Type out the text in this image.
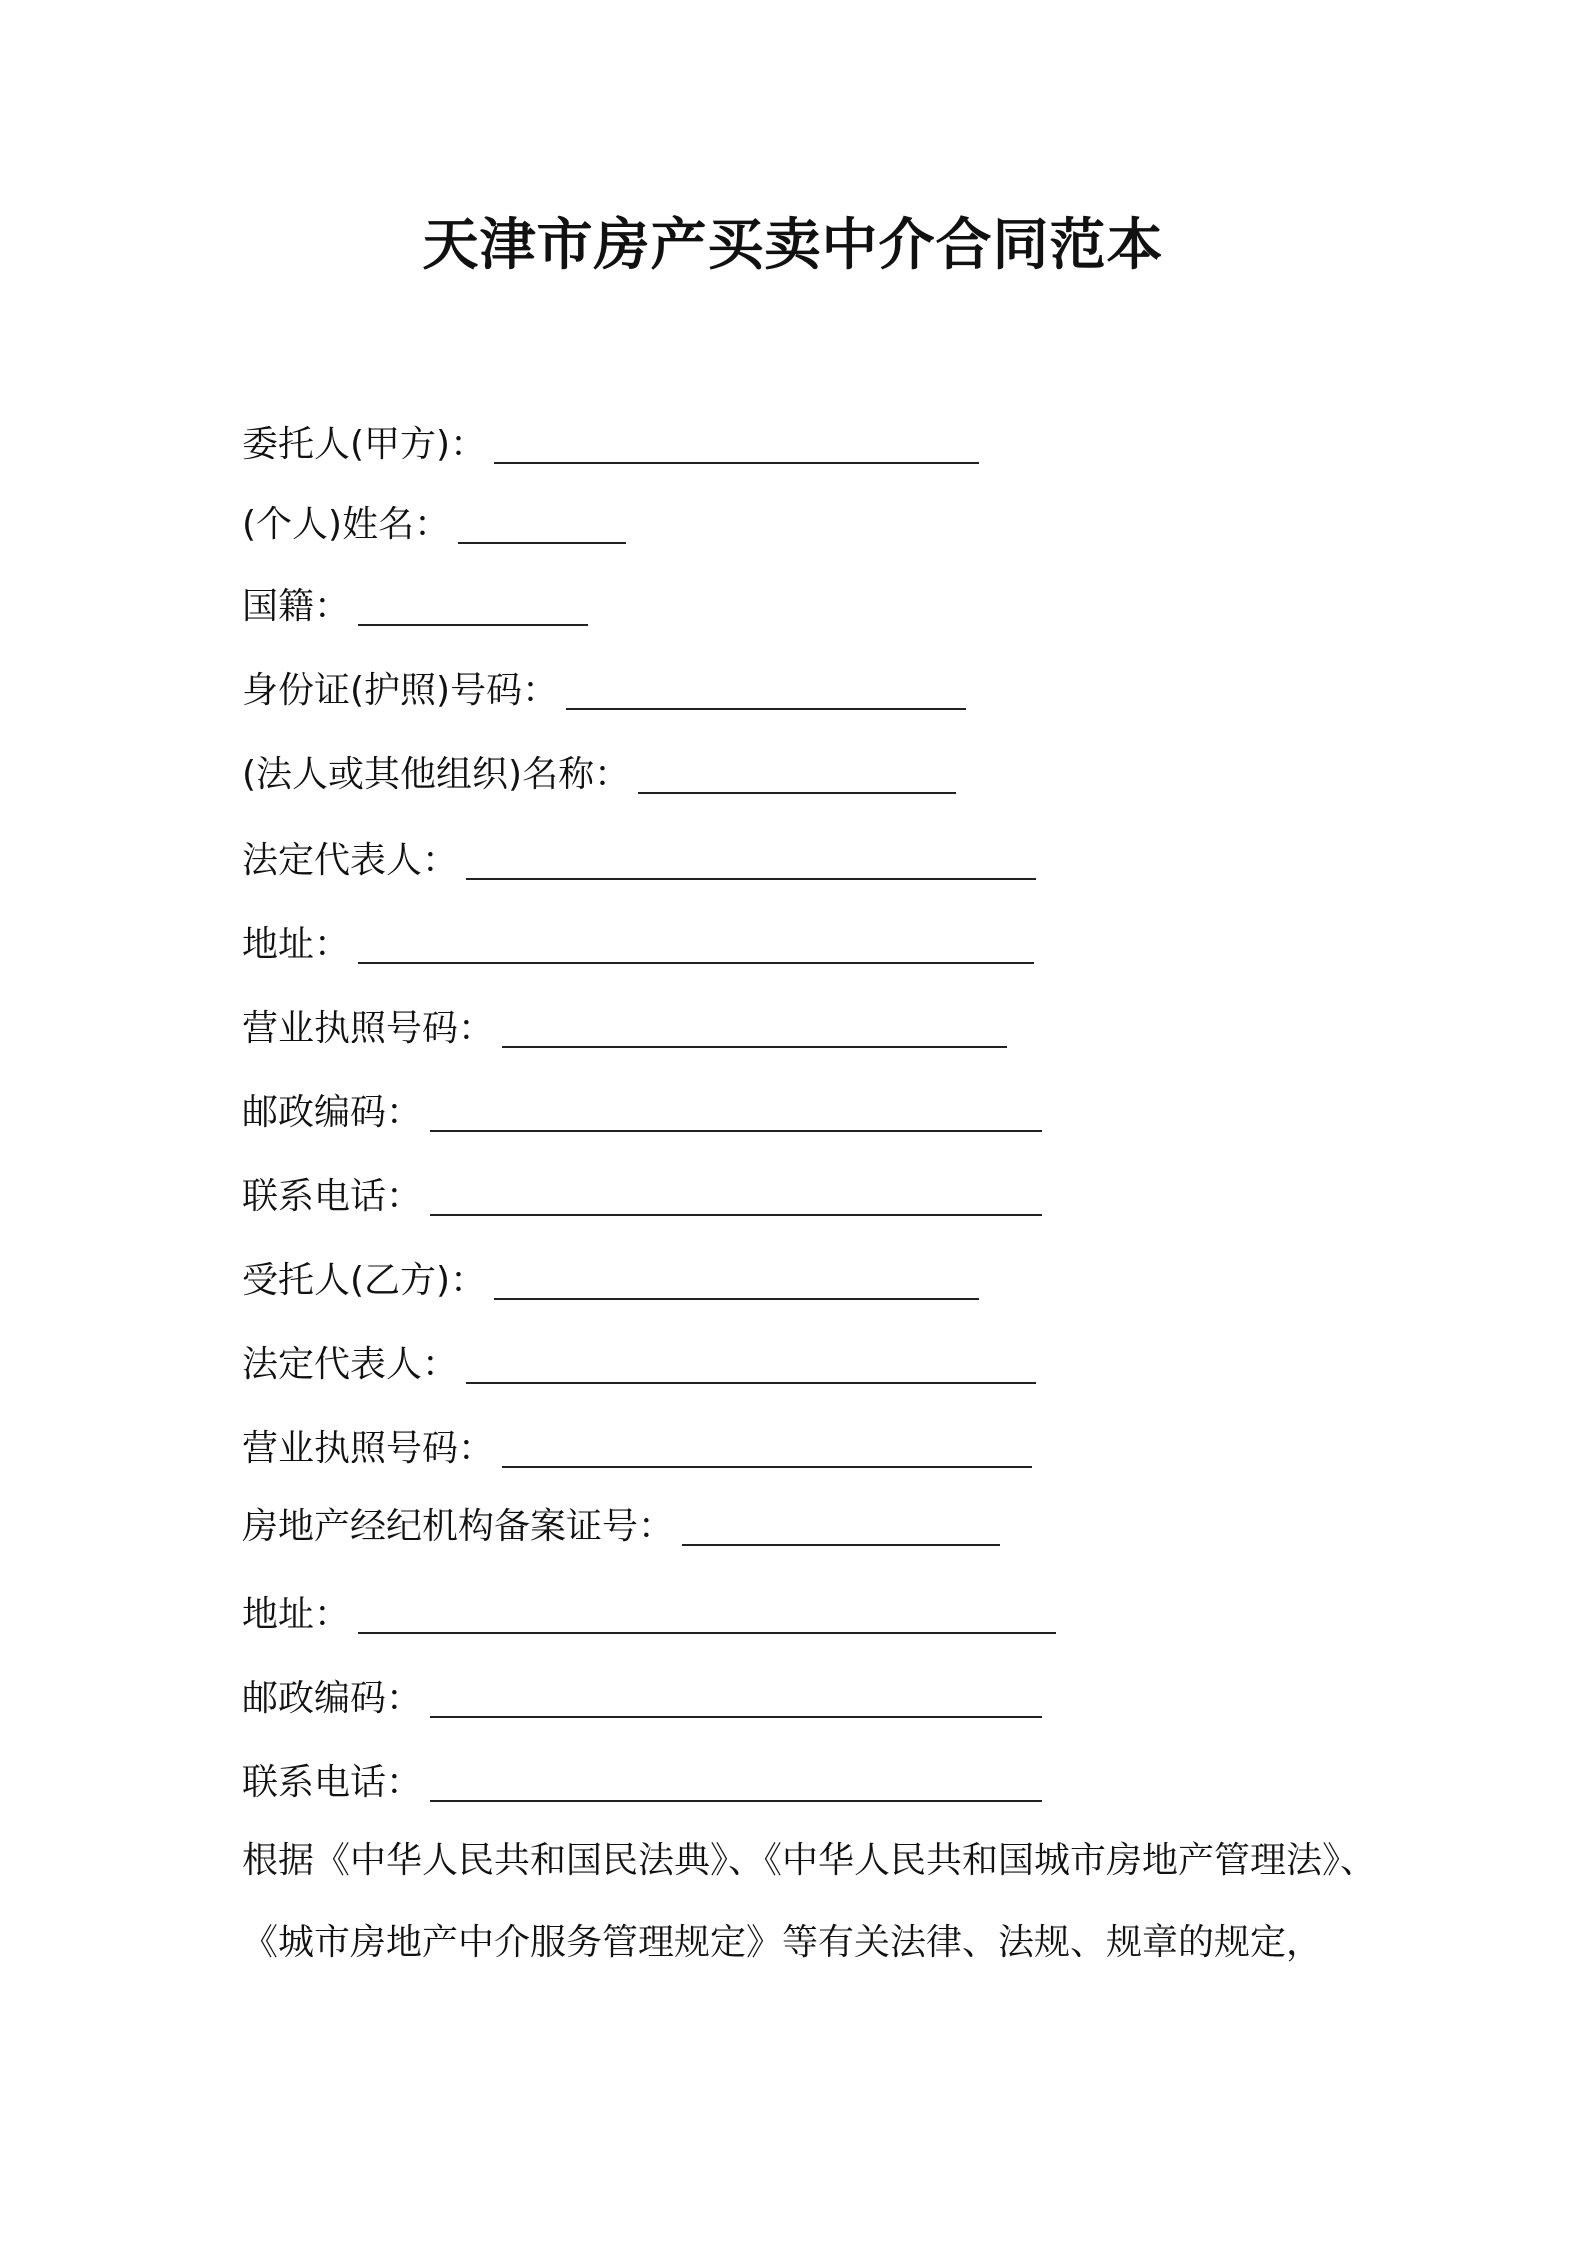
天津市房产买卖中介合同范本
委托人(甲方)：
(个人)姓名：
国籍：
身份证(护照)号码：
(法人或其他组织)名称：
法定代表人：
地址：
营业执照号码：
邮政编码：
联系电话：
受托人(乙方)：
法定代表人：
营业执照号码：
房地产经纪机构备案证号：
地址：
邮政编码：
联系电话：
根据《中华人民共和国民法典》、《中华人民共和国城市房地产管理法》、
《城市房地产中介服务管理规定》等有关法律、法规、规章的规定，
